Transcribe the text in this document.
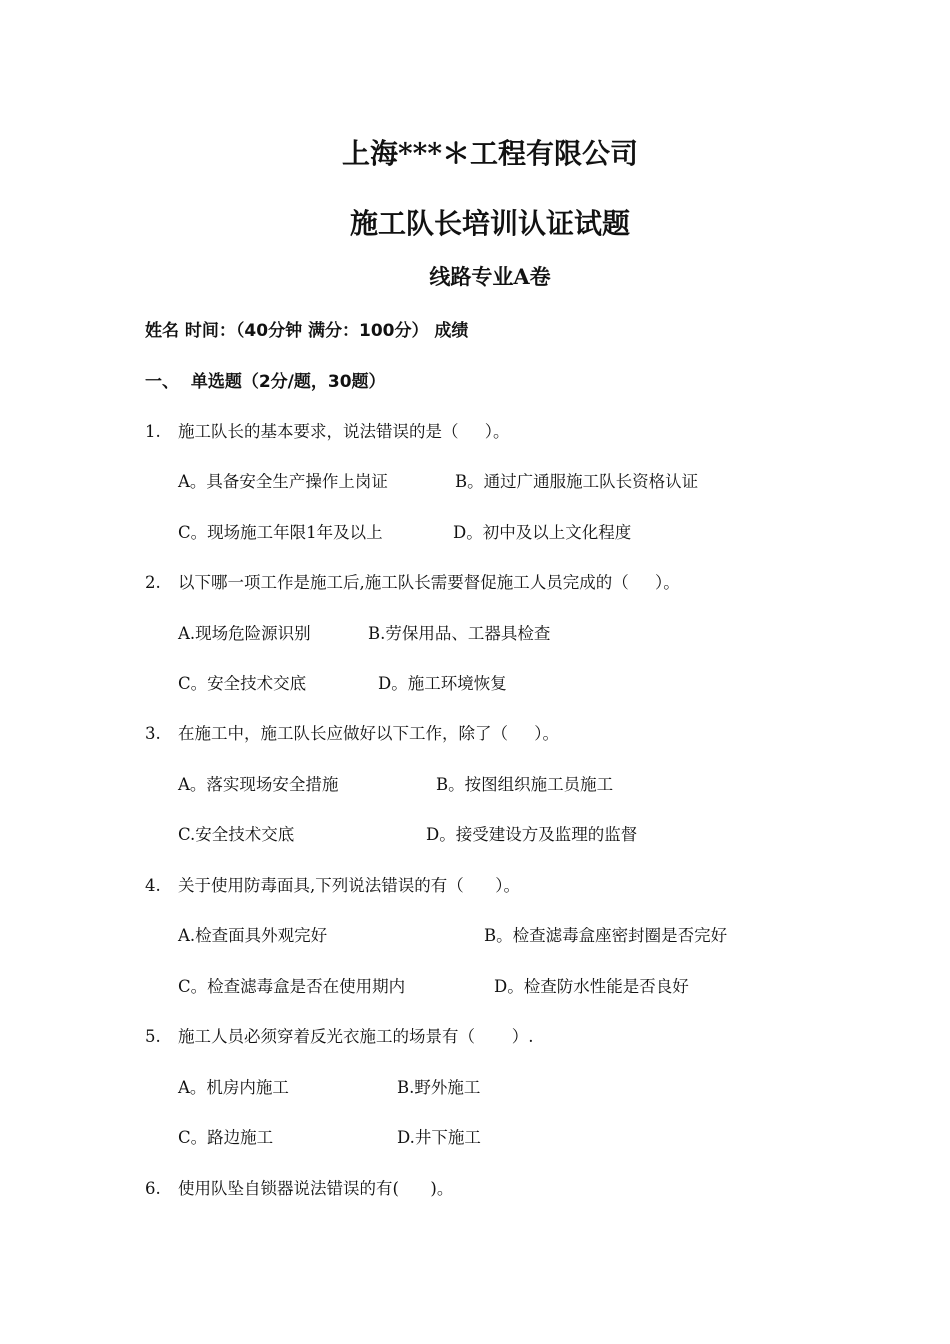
上海***＊工程有限公司
施工队长培训认证试题
线路专业A卷
姓名 时间：（40分钟 满分：100分） 成绩
一、  单选题（2分/题，30题）
1. 施工队长的基本要求，说法错误的是（     ）。
A。具备安全生产操作上岗证	B。通过广通服施工队长资格认证
C。现场施工年限1年及以上	D。初中及以上文化程度
2. 以下哪一项工作是施工后,施工队长需要督促施工人员完成的（     ）。
A.现场危险源识别	B.劳保用品、工器具检查
C。安全技术交底	D。施工环境恢复
3. 在施工中，施工队长应做好以下工作，除了（     ）。
A。落实现场安全措施	B。按图组织施工员施工
C.安全技术交底	D。接受建设方及监理的监督
4. 关于使用防毒面具,下列说法错误的有（      ）。
A.检查面具外观完好	B。检查滤毒盒座密封圈是否完好
C。检查滤毒盒是否在使用期内	D。检查防水性能是否良好
5. 施工人员必须穿着反光衣施工的场景有（       ）.
A。机房内施工	B.野外施工
C。路边施工	D.井下施工
6. 使用队坠自锁器说法错误的有(      )。
